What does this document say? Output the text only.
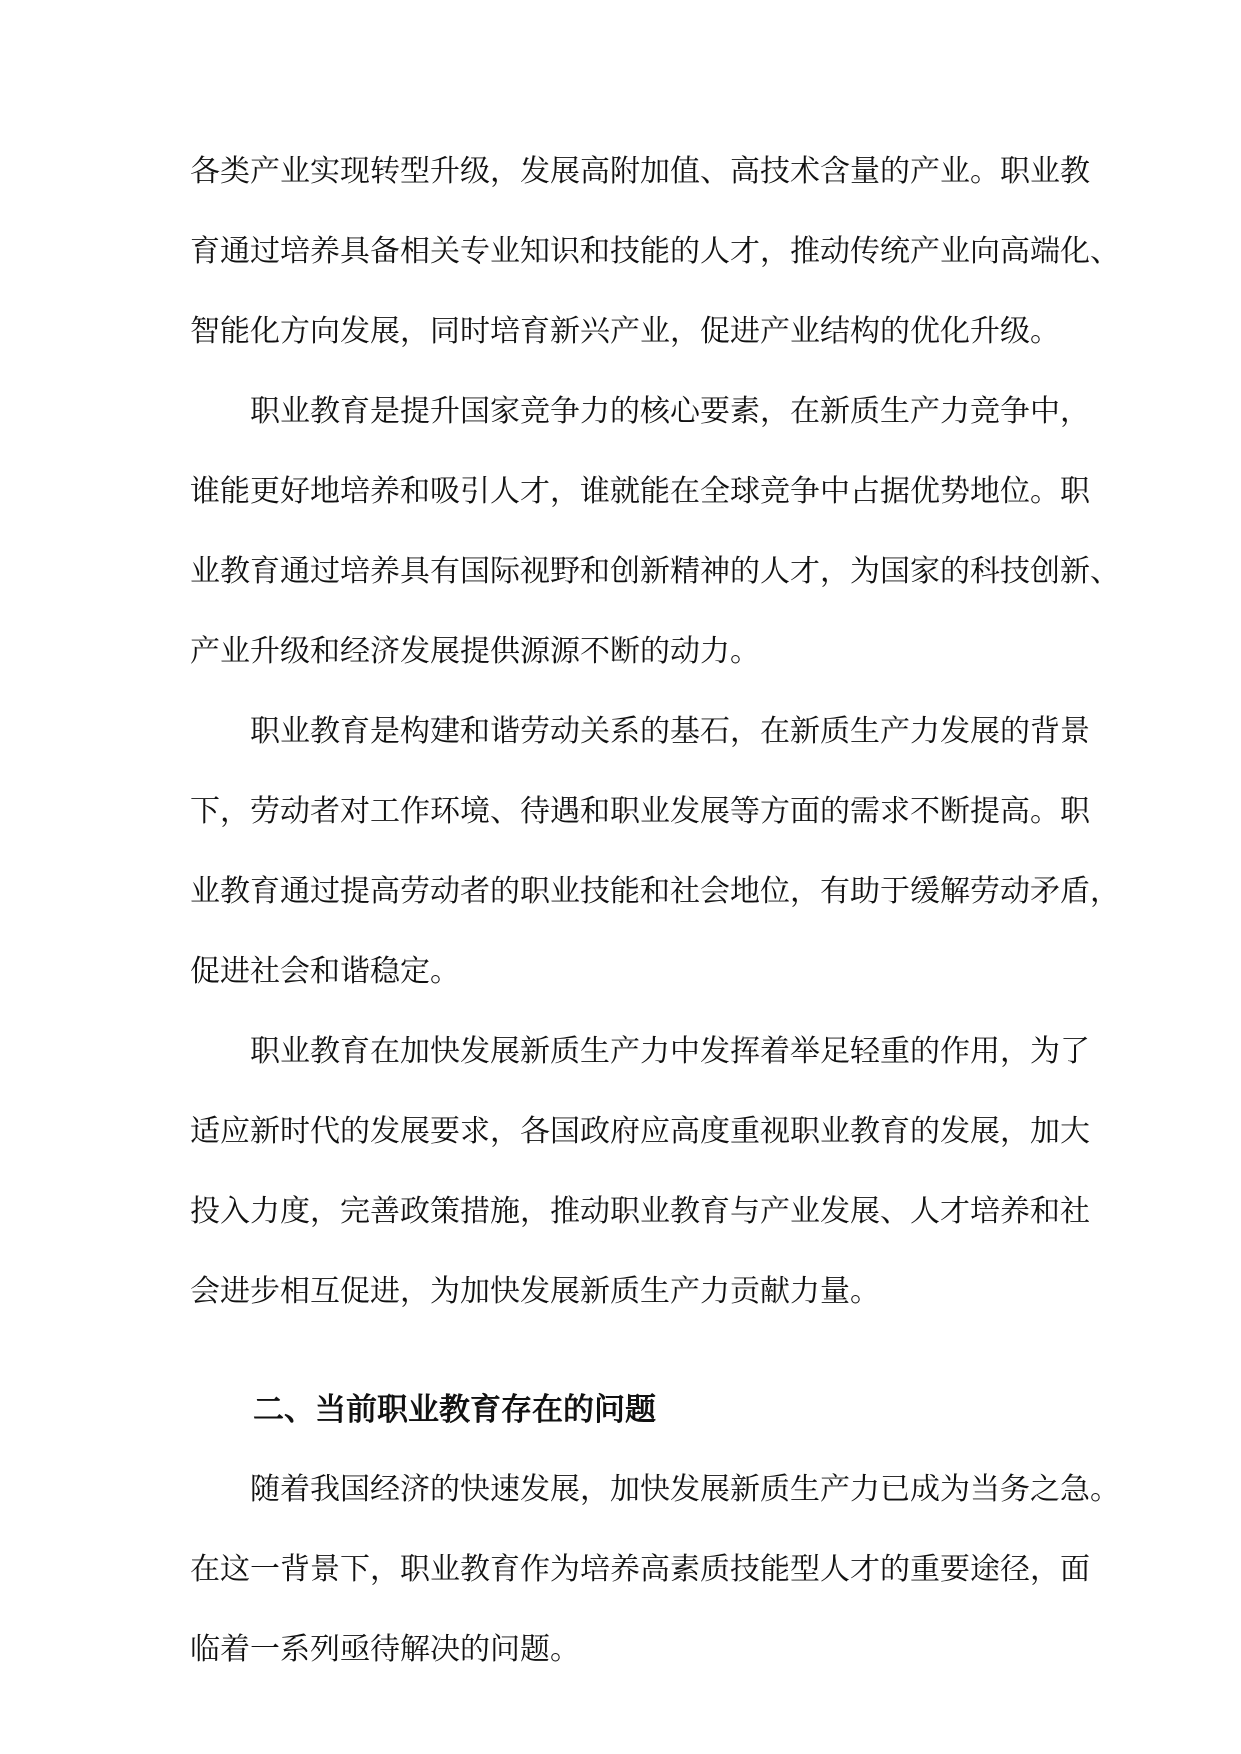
各类产业实现转型升级，发展高附加值、高技术含量的产业。职业教
育通过培养具备相关专业知识和技能的人才，推动传统产业向高端化、
智能化方向发展，同时培育新兴产业，促进产业结构的优化升级。
职业教育是提升国家竞争力的核心要素，在新质生产力竞争中，
谁能更好地培养和吸引人才，谁就能在全球竞争中占据优势地位。职
业教育通过培养具有国际视野和创新精神的人才，为国家的科技创新、
产业升级和经济发展提供源源不断的动力。
职业教育是构建和谐劳动关系的基石，在新质生产力发展的背景
下，劳动者对工作环境、待遇和职业发展等方面的需求不断提高。职
业教育通过提高劳动者的职业技能和社会地位，有助于缓解劳动矛盾，
促进社会和谐稳定。
职业教育在加快发展新质生产力中发挥着举足轻重的作用，为了
适应新时代的发展要求，各国政府应高度重视职业教育的发展，加大
投入力度，完善政策措施，推动职业教育与产业发展、人才培养和社
会进步相互促进，为加快发展新质生产力贡献力量。
二、当前职业教育存在的问题
随着我国经济的快速发展，加快发展新质生产力已成为当务之急。
在这一背景下，职业教育作为培养高素质技能型人才的重要途径，面
临着一系列亟待解决的问题。
